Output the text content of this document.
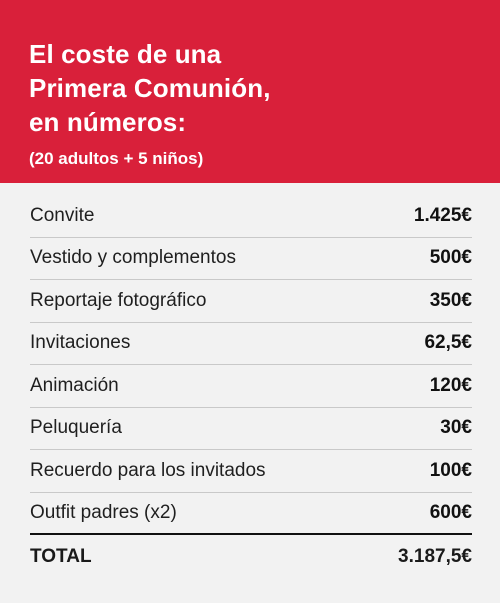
El coste de una
Primera Comunión,
en números:
(20 adultos + 5 niños)
Convite	1.425€
Vestido y complementos	500€
Reportaje fotográfico	350€
Invitaciones	62,5€
Animación	120€
Peluquería	30€
Recuerdo para los invitados	100€
Outfit padres (x2)	600€
TOTAL	3.187,5€
